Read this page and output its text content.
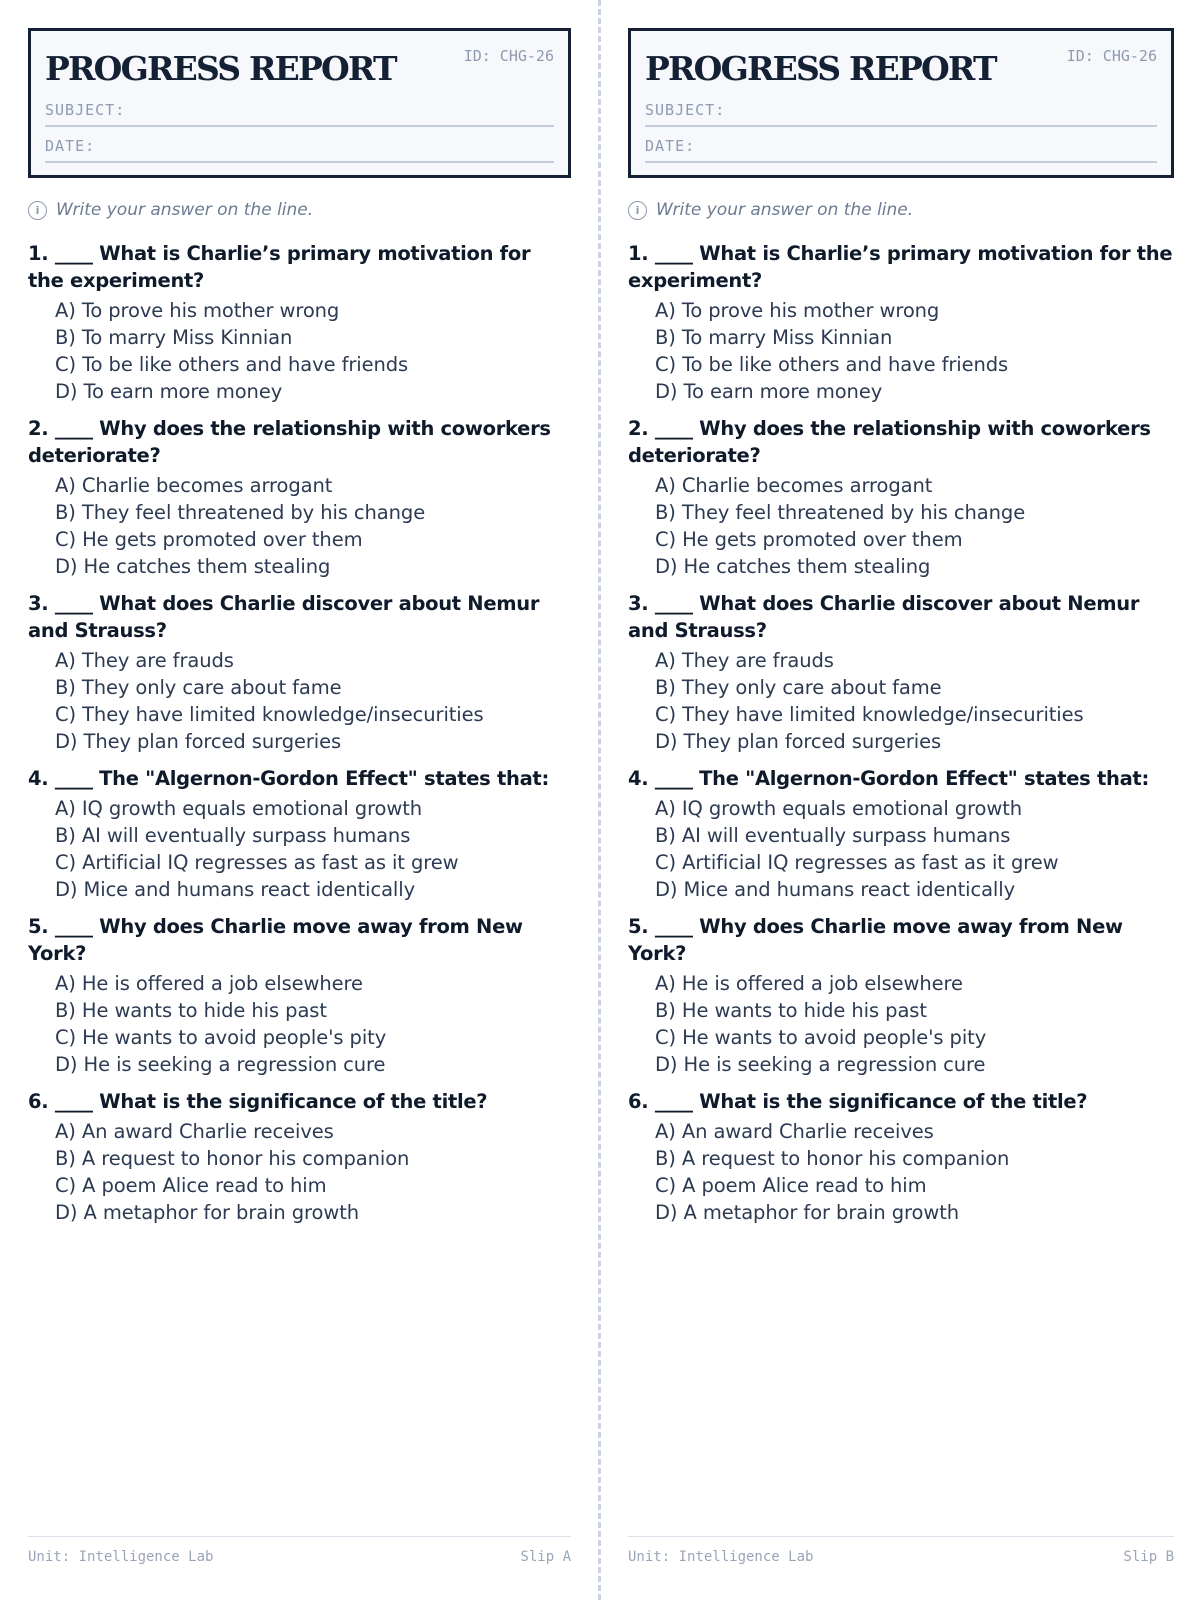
PROGRESS REPORT	ID: CHG-26
SUBJECT:
DATE:
i Write your answer on the line.
1. ____ What is Charlie’s primary motivation for the experiment?
A) To prove his mother wrong
B) To marry Miss Kinnian
C) To be like others and have friends
D) To earn more money
2. ____ Why does the relationship with coworkers deteriorate?
A) Charlie becomes arrogant
B) They feel threatened by his change
C) He gets promoted over them
D) He catches them stealing
3. ____ What does Charlie discover about Nemur and Strauss?
A) They are frauds
B) They only care about fame
C) They have limited knowledge/insecurities
D) They plan forced surgeries
4. ____ The "Algernon-Gordon Effect" states that:
A) IQ growth equals emotional growth
B) AI will eventually surpass humans
C) Artificial IQ regresses as fast as it grew
D) Mice and humans react identically
5. ____ Why does Charlie move away from New York?
A) He is offered a job elsewhere
B) He wants to hide his past
C) He wants to avoid people's pity
D) He is seeking a regression cure
6. ____ What is the significance of the title?
A) An award Charlie receives
B) A request to honor his companion
C) A poem Alice read to him
D) A metaphor for brain growth
Unit: Intelligence Lab	Slip A
PROGRESS REPORT	ID: CHG-26
SUBJECT:
DATE:
i Write your answer on the line.
1. ____ What is Charlie’s primary motivation for the experiment?
A) To prove his mother wrong
B) To marry Miss Kinnian
C) To be like others and have friends
D) To earn more money
2. ____ Why does the relationship with coworkers deteriorate?
A) Charlie becomes arrogant
B) They feel threatened by his change
C) He gets promoted over them
D) He catches them stealing
3. ____ What does Charlie discover about Nemur and Strauss?
A) They are frauds
B) They only care about fame
C) They have limited knowledge/insecurities
D) They plan forced surgeries
4. ____ The "Algernon-Gordon Effect" states that:
A) IQ growth equals emotional growth
B) AI will eventually surpass humans
C) Artificial IQ regresses as fast as it grew
D) Mice and humans react identically
5. ____ Why does Charlie move away from New York?
A) He is offered a job elsewhere
B) He wants to hide his past
C) He wants to avoid people's pity
D) He is seeking a regression cure
6. ____ What is the significance of the title?
A) An award Charlie receives
B) A request to honor his companion
C) A poem Alice read to him
D) A metaphor for brain growth
Unit: Intelligence Lab	Slip B
